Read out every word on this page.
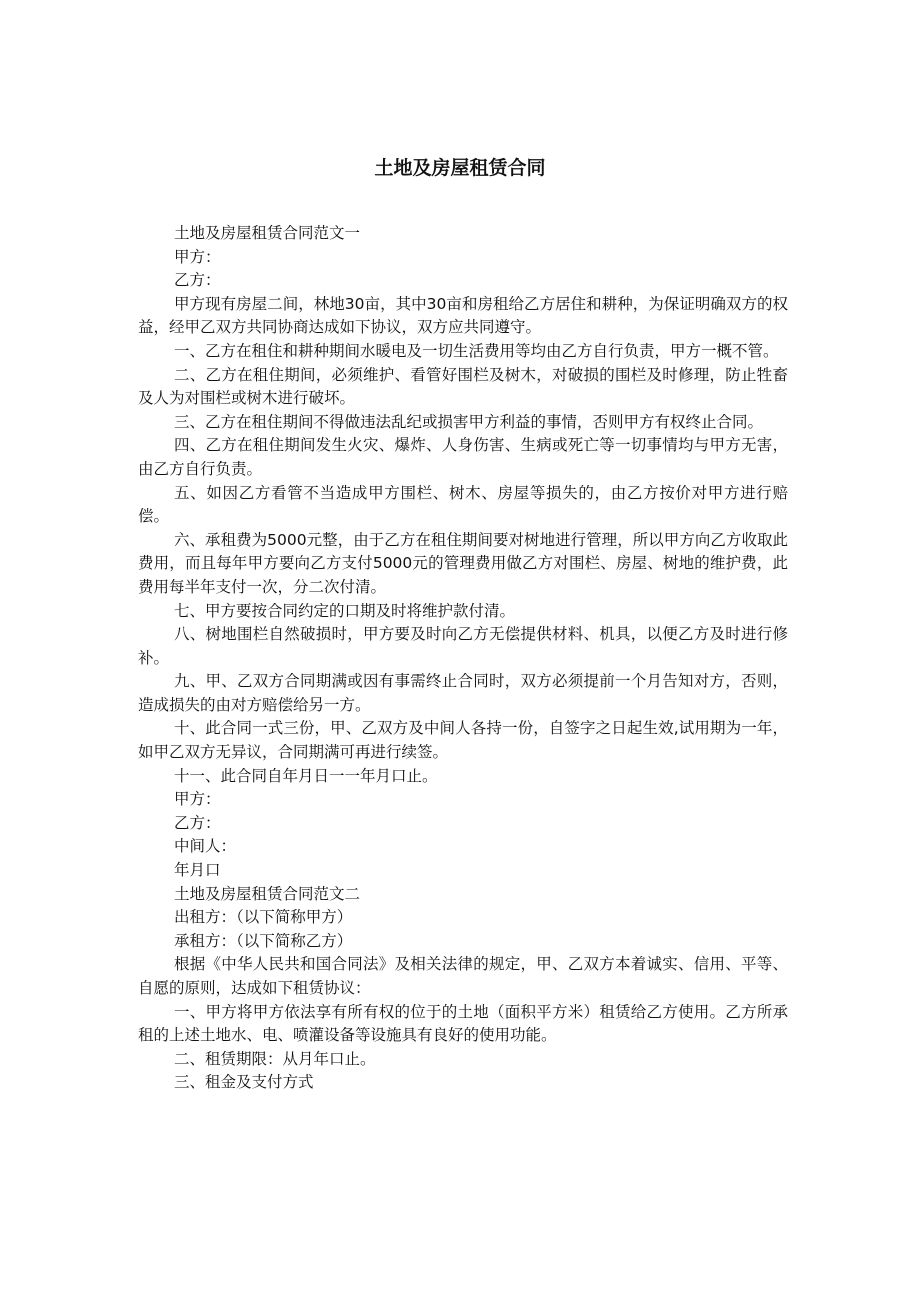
土地及房屋租赁合同

土地及房屋租赁合同范文一

甲方：

乙方：

甲方现有房屋二间，林地30亩，其中30亩和房租给乙方居住和耕种，为保证明确双方的权益，经甲乙双方共同协商达成如下协议，双方应共同遵守。

一、乙方在租住和耕种期间水暖电及一切生活费用等均由乙方自行负责，甲方一概不管。

二、乙方在租住期间，必须维护、看管好围栏及树木，对破损的围栏及时修理，防止牲畜及人为对围栏或树木进行破坏。

三、乙方在租住期间不得做违法乱纪或损害甲方利益的事情，否则甲方有权终止合同。

四、乙方在租住期间发生火灾、爆炸、人身伤害、生病或死亡等一切事情均与甲方无害，由乙方自行负责。

五、如因乙方看管不当造成甲方围栏、树木、房屋等损失的，由乙方按价对甲方进行赔偿。

六、承租费为5000元整，由于乙方在租住期间要对树地进行管理，所以甲方向乙方收取此费用，而且每年甲方要向乙方支付5000元的管理费用做乙方对围栏、房屋、树地的维护费，此费用每半年支付一次，分二次付清。

七、甲方要按合同约定的口期及时将维护款付清。

八、树地围栏自然破损时，甲方要及时向乙方无偿提供材料、机具，以便乙方及时进行修补。

九、甲、乙双方合同期满或因有事需终止合同时，双方必须提前一个月告知对方，否则，造成损失的由对方赔偿给另一方。

十、此合同一式三份，甲、乙双方及中间人各持一份，自签字之日起生效,试用期为一年，如甲乙双方无异议，合同期满可再进行续签。

十一、此合同自年月日一一年月口止。

甲方：

乙方：

中间人：

年月口

土地及房屋租赁合同范文二

出租方：（以下简称甲方）

承租方：（以下简称乙方）

根据《中华人民共和国合同法》及相关法律的规定，甲、乙双方本着诚实、信用、平等、自愿的原则，达成如下租赁协议：

一、甲方将甲方依法享有所有权的位于的土地（面积平方米）租赁给乙方使用。乙方所承租的上述土地水、电、喷灌设备等设施具有良好的使用功能。

二、租赁期限：从月年口止。

三、租金及支付方式
